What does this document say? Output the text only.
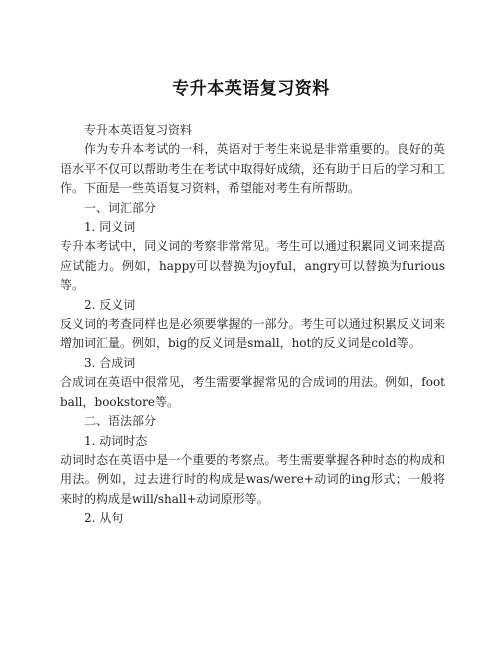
专升本英语复习资料

专升本英语复习资料

作为专升本考试的一科，英语对于考生来说是非常重要的。良好的英语水平不仅可以帮助考生在考试中取得好成绩，还有助于日后的学习和工作。下面是一些英语复习资料，希望能对考生有所帮助。

一、词汇部分

1. 同义词

专升本考试中，同义词的考察非常常见。考生可以通过积累同义词来提高应试能力。例如，happy可以替换为joyful，angry可以替换为furious等。

2. 反义词

反义词的考查同样也是必须要掌握的一部分。考生可以通过积累反义词来增加词汇量。例如，big的反义词是small，hot的反义词是cold等。

3. 合成词

合成词在英语中很常见，考生需要掌握常见的合成词的用法。例如，football，bookstore等。

二、语法部分

1. 动词时态

动词时态在英语中是一个重要的考察点。考生需要掌握各种时态的构成和用法。例如，过去进行时的构成是was/were+动词的ing形式；一般将来时的构成是will/shall+动词原形等。

2. 从句
